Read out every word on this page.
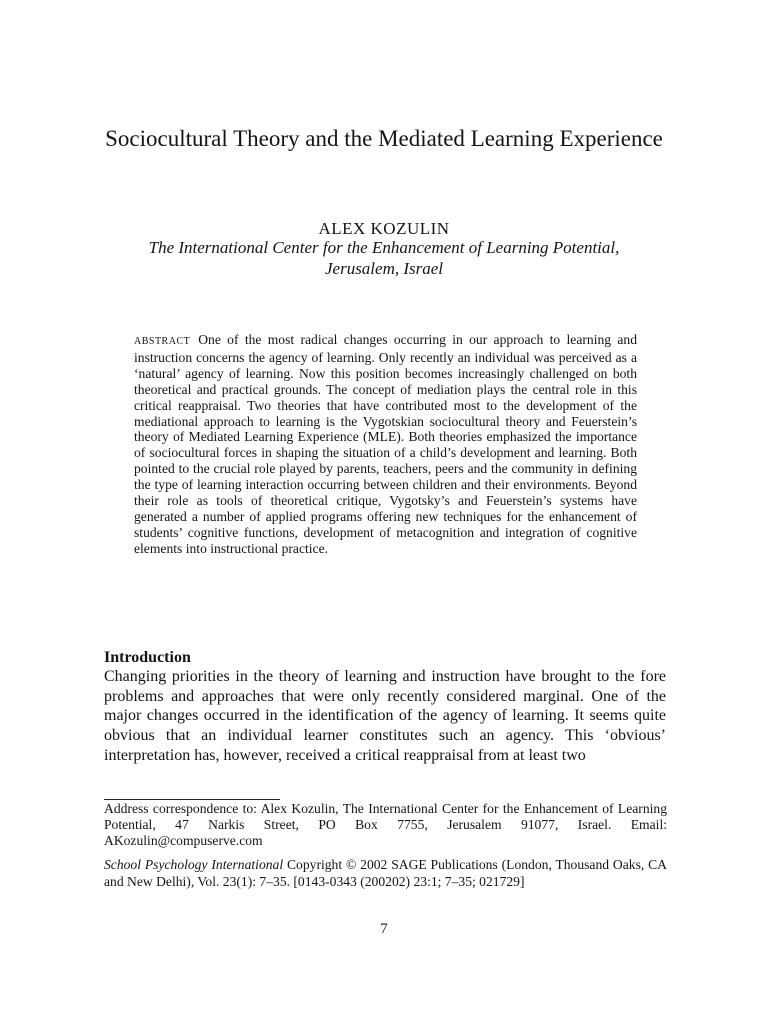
Sociocultural Theory and the Mediated Learning Experience

ALEX KOZULIN

The International Center for the Enhancement of Learning Potential, Jerusalem, Israel

ABSTRACT One of the most radical changes occurring in our approach to learning and instruction concerns the agency of learning. Only recently an individual was perceived as a ‘natural’ agency of learning. Now this position becomes increasingly challenged on both theoretical and practical grounds. The concept of mediation plays the central role in this critical reappraisal. Two theories that have contributed most to the development of the mediational approach to learning is the Vygotskian sociocultural theory and Feuerstein’s theory of Mediated Learning Experience (MLE). Both theories emphasized the importance of sociocultural forces in shaping the situation of a child’s development and learning. Both pointed to the crucial role played by parents, teachers, peers and the community in defining the type of learning interaction occurring between children and their environments. Beyond their role as tools of theoretical critique, Vygotsky’s and Feuerstein’s systems have generated a number of applied programs offering new techniques for the enhancement of students’ cognitive functions, development of metacognition and integration of cognitive elements into instructional practice.

Introduction

Changing priorities in the theory of learning and instruction have brought to the fore problems and approaches that were only recently considered marginal. One of the major changes occurred in the identification of the agency of learning. It seems quite obvious that an individual learner constitutes such an agency. This ‘obvious’ interpretation has, however, received a critical reappraisal from at least two

Address correspondence to: Alex Kozulin, The International Center for the Enhancement of Learning Potential, 47 Narkis Street, PO Box 7755, Jerusalem 91077, Israel. Email: AKozulin@compuserve.com

School Psychology International Copyright © 2002 SAGE Publications (London, Thousand Oaks, CA and New Delhi), Vol. 23(1): 7–35. [0143-0343 (200202) 23:1; 7–35; 021729]

7
